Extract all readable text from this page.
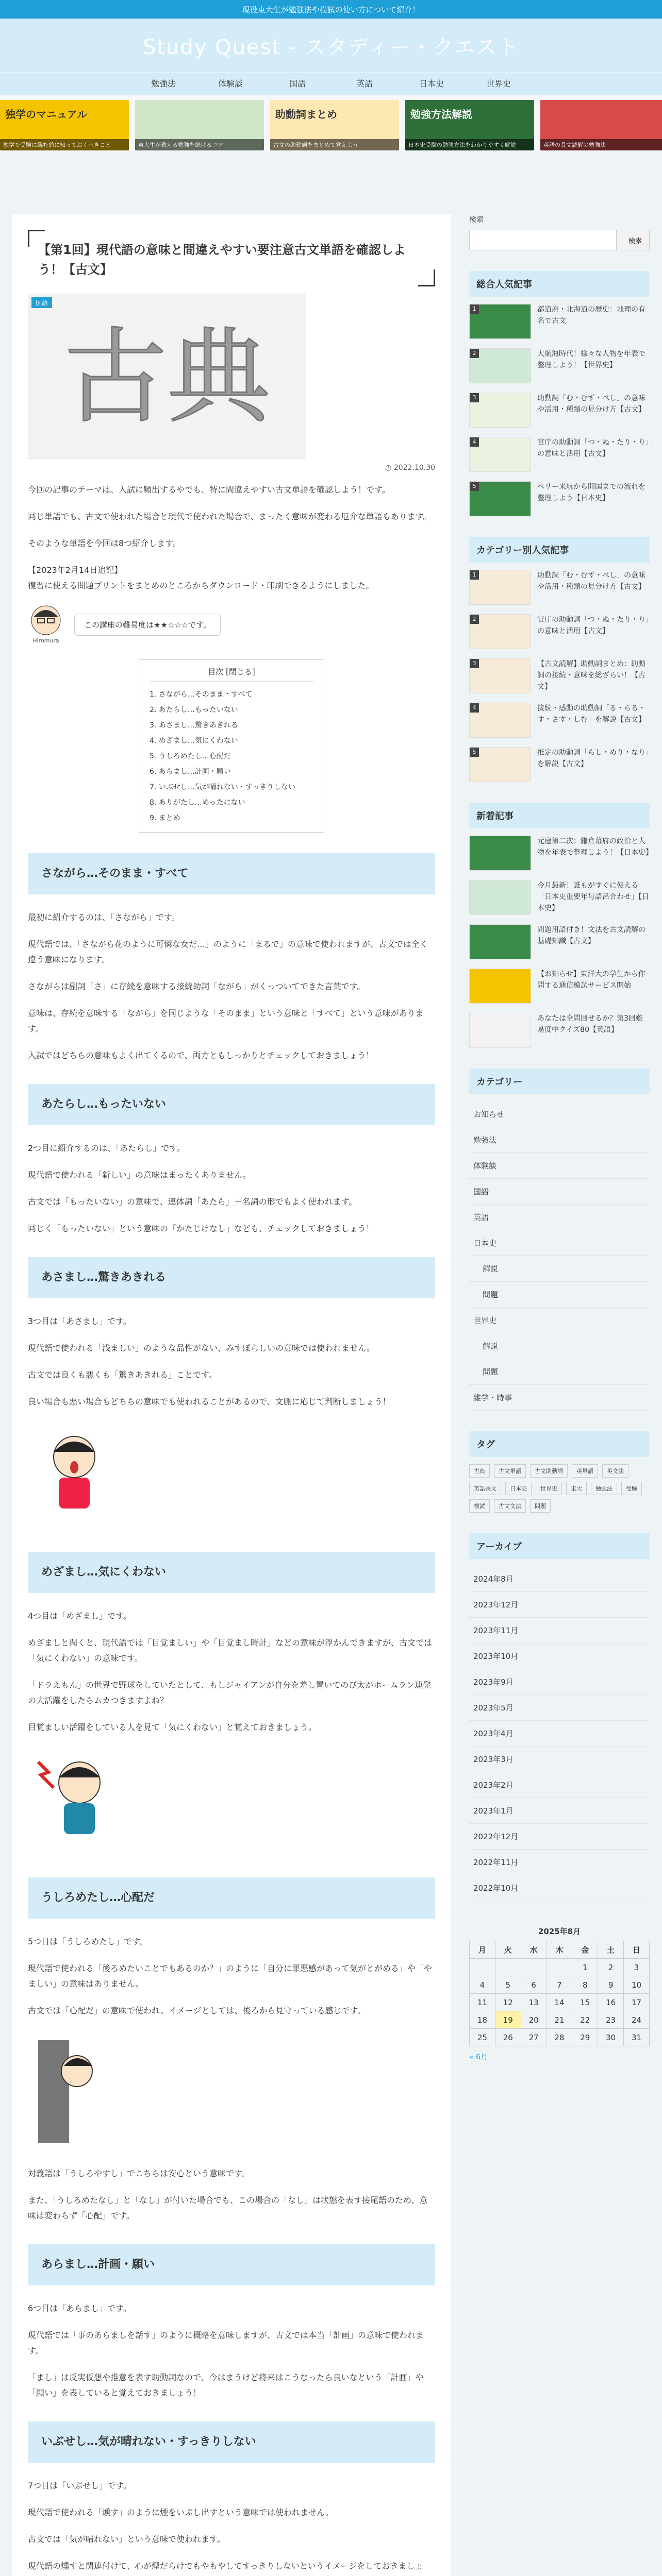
現役東大生が勉強法や模試の使い方について紹介！
Study Quest - スタディー・クエスト
勉強法	体験談	国語	英語	日本史	世界史
独学のマニュアル
独学で受験に臨む前に知っておくべきこと	東大生が教える勉強を続けるコツ
助動詞まとめ
古文の助動詞をまとめて覚えよう
勉強方法解説
日本史受験の勉強方法をわかりやすく解説	英語の長文読解の勉強法
【第1回】現代語の意味と間違えやすい要注意古文単語を確認しよう！【古文】
国語
古典
◷ 2022.10.30

今回の記事のテーマは、入試に頻出するやでも、特に間違えやすい古文単語を確認しよう！です。

同じ単語でも、古文で使われた場合と現代で使われた場合で、まったく意味が変わる厄介な単語もあります。

そのような単語を今回は8つ紹介します。

【2023年2月14日追記】

復習に使える問題プリントをまとめのところからダウンロード・印刷できるようにしました。

Hiromura
この講座の難易度は★★☆☆☆です。
目次 [閉じる]
1. さながら…そのまま・すべて
2. あたらし…もったいない
3. あさまし…驚きあきれる
4. めざまし…気にくわない
5. うしろめたし…心配だ
6. あらまし…計画・願い
7. いぶせし…気が晴れない・すっきりしない
8. ありがたし…めったにない
9. まとめ
さながら…そのまま・すべて

最初に紹介するのは、「さながら」です。

現代語では、「さながら花のように可憐な女だ…」のように「まるで」の意味で使われますが、古文では全く違う意味になります。

さながらは副詞「さ」に存続を意味する接続助詞「ながら」がくっついてできた言葉です。

意味は、存続を意味する「ながら」を同じような「そのまま」という意味と「すべて」という意味があります。

入試ではどちらの意味もよく出てくるので、両方ともしっかりとチェックしておきましょう！

あたらし…もったいない

2つ目に紹介するのは、「あたらし」です。

現代語で使われる「新しい」の意味はまったくありません。

古文では「もったいない」の意味で、連体詞「あたら」＋名詞の形でもよく使われます。

同じく「もったいない」という意味の「かたじけなし」なども、チェックしておきましょう！

あさまし…驚きあきれる

3つ目は「あさまし」です。

現代語で使われる「浅ましい」のような品性がない、みすぼらしいの意味では使われません。

古文では良くも悪くも「驚きあきれる」ことです。

良い場合も悪い場合もどちらの意味でも使われることがあるので、文脈に応じて判断しましょう！

めざまし…気にくわない

4つ目は「めざまし」です。

めざましと聞くと、現代語では「目覚ましい」や「目覚まし時計」などの意味が浮かんできますが、古文では「気にくわない」の意味です。

「ドラえもん」の世界で野球をしていたとして、もしジャイアンが自分を差し置いてのび太がホームラン連発の大活躍をしたらムカつきますよね？

目覚ましい活躍をしている人を見て「気にくわない」と覚えておきましょう。

うしろめたし…心配だ

5つ目は「うしろめたし」です。

現代語で使われる「後ろめたいことでもあるのか？」のように「自分に罪悪感があって気がとがめる」や「やましい」の意味はありません。

古文では「心配だ」の意味で使われ、イメージとしては、後ろから見守っている感じです。

対義語は「うしろやすし」でこちらは安心という意味です。

また、「うしろめたなし」と「なし」が付いた場合でも、この場合の「なし」は状態を表す接尾語のため、意味は変わらず「心配」です。

あらまし…計画・願い

6つ目は「あらまし」です。

現代語では「事のあらましを話す」のように概略を意味しますが、古文では本当「計画」の意味で使われます。

「まし」は反実仮想や推意を表す助動詞なので、今はまうけど将来はこうなったら良いなという「計画」や「願い」を表していると覚えておきましょう！

いぶせし…気が晴れない・すっきりしない

7つ目は「いぶせし」です。

現代語で使われる「燻す」のように煙をいぶし出すという意味では使われません。

古文では「気が晴れない」という意味で使われます。

現代語の燻すと関連付けて、心が煙だらけでもやもやしてすっきりしないというイメージをしておきましょ

検索
検索
総合人気記事
1	都道府・北海道の歴史：地理の有名で古文
2	大航海時代！様々な人物を年表で整理しよう！【世界史】
3	助動詞「む・むず・べし」の意味や活用・種類の見分け方【古文】
4	官庁の助動詞「つ・ぬ・たり・り」の意味と活用【古文】
5	ペリー来航から開国までの流れを整理しよう【日本史】
カテゴリー別人気記事
1	助動詞「む・むず・べし」の意味や活用・種類の見分け方【古文】
2	官庁の助動詞「つ・ぬ・たり・り」の意味と活用【古文】
3	【古文読解】助動詞まとめ：助動詞の接続・意味を総ざらい！【古文】
4	接続・感動の助動詞「る・らる・す・さす・しむ」を解説【古文】
5	推定の助動詞「らし・めり・なり」を解説【古文】
新着記事
元寇第二次：鎌倉幕府の政治と人物を年表で整理しよう！【日本史】
今月最新！誰もがすぐに使える「日本史重要年号語呂合わせ」【日本史】
問題用語付き！文法を古文読解の基礎知識【古文】
【お知らせ】東洋大の学生から作問する通信模試サービス開始
あなたは全問回せるか？第3回難易度中クイズ80【英語】
カテゴリー
お知らせ
勉強法
体験談
国語
英語
日本史
解説
問題
世界史
解説
問題
雑学・時事
タグ
古典	古文単語	古文助動詞	英単語	英文法
英語長文	日本史	世界史	東大	勉強法	受験
模試	古文文法	問題
アーカイブ
2024年8月
2023年12月
2023年11月
2023年10月
2023年9月
2023年5月
2023年4月
2023年3月
2023年2月
2023年1月
2022年12月
2022年11月
2022年10月
2025年8月
月	火	水	木	金	土	日
				1	2	3
4	5	6	7	8	9	10
11	12	13	14	15	16	17
18	19	20	21	22	23	24
25	26	27	28	29	30	31
« 6月
